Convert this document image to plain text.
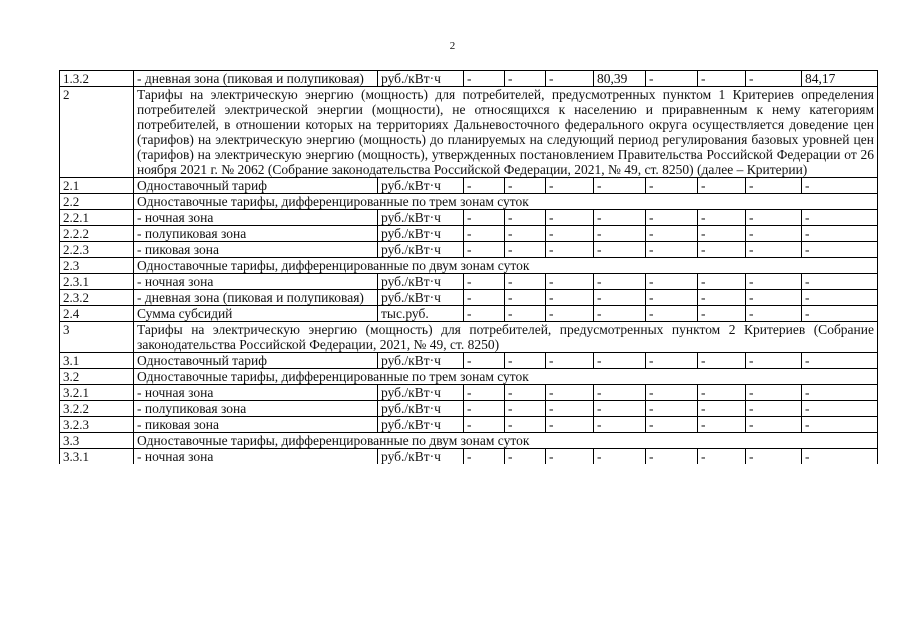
2
1.3.2	- дневная зона (пиковая и полупиковая)	руб./кВт·ч	-	-	-	80,39	-	-	-	84,17
2	Тарифы на электрическую энергию (мощность) для потребителей, предусмотренных пунктом 1 Критериев определения потребителей электрической энергии (мощности), не относящихся к населению и приравненным к нему категориям потребителей, в отношении которых на территориях Дальневосточного федерального округа осуществляется доведение цен (тарифов) на электрическую энергию (мощность) до планируемых на следующий период регулирования базовых уровней цен (тарифов) на электрическую энергию (мощность), утвержденных постановлением Правительства Российской Федерации от 26 ноября 2021 г. № 2062 (Собрание законодательства Российской Федерации, 2021, № 49, ст. 8250) (далее – Критерии)									
2.1	Одноставочный тариф	руб./кВт·ч	-	-	-	-	-	-	-	-
2.2	Одноставочные тарифы, дифференцированные по трем зонам суток									
2.2.1	- ночная зона	руб./кВт·ч	-	-	-	-	-	-	-	-
2.2.2	- полупиковая зона	руб./кВт·ч	-	-	-	-	-	-	-	-
2.2.3	- пиковая зона	руб./кВт·ч	-	-	-	-	-	-	-	-
2.3	Одноставочные тарифы, дифференцированные по двум зонам суток									
2.3.1	- ночная зона	руб./кВт·ч	-	-	-	-	-	-	-	-
2.3.2	- дневная зона (пиковая и полупиковая)	руб./кВт·ч	-	-	-	-	-	-	-	-
2.4	Сумма субсидий	тыс.руб.	-	-	-	-	-	-	-	-
3	Тарифы на электрическую энергию (мощность) для потребителей, предусмотренных пунктом 2 Критериев (Собрание законодательства Российской Федерации, 2021, № 49, ст. 8250)									
3.1	Одноставочный тариф	руб./кВт·ч	-	-	-	-	-	-	-	-
3.2	Одноставочные тарифы, дифференцированные по трем зонам суток									
3.2.1	- ночная зона	руб./кВт·ч	-	-	-	-	-	-	-	-
3.2.2	- полупиковая зона	руб./кВт·ч	-	-	-	-	-	-	-	-
3.2.3	- пиковая зона	руб./кВт·ч	-	-	-	-	-	-	-	-
3.3	Одноставочные тарифы, дифференцированные по двум зонам суток									
3.3.1	- ночная зона	руб./кВт·ч	-	-	-	-	-	-	-	-
